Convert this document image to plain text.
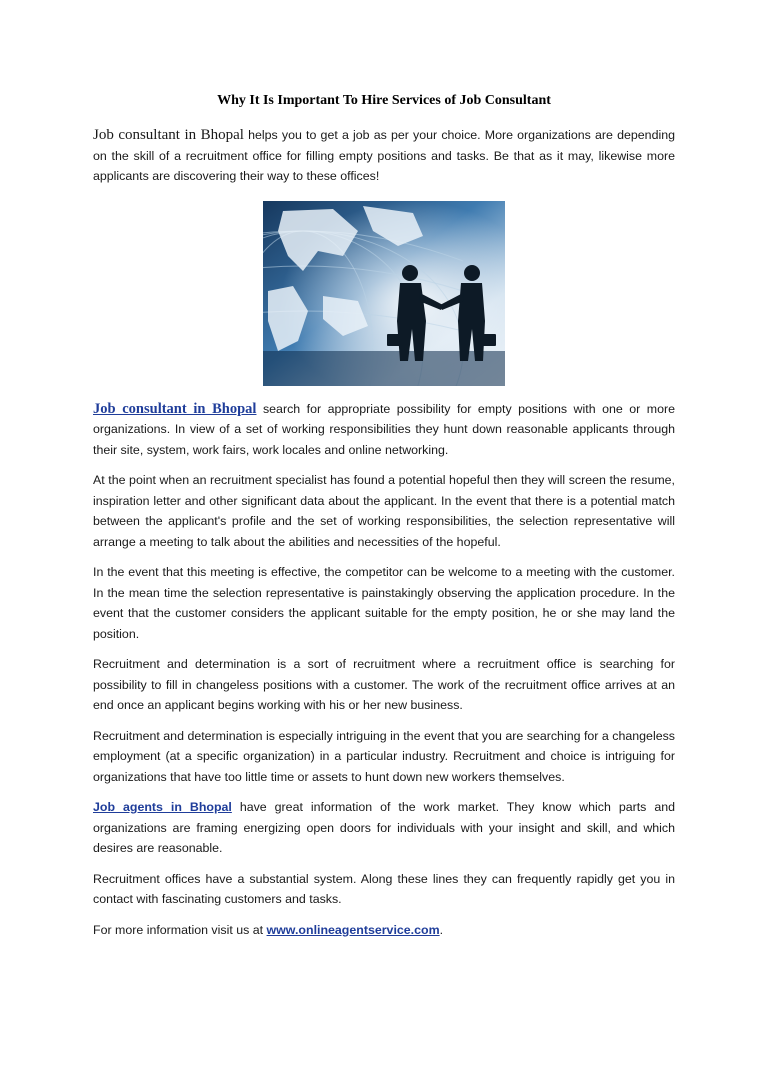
Why It Is Important To Hire Services of Job Consultant

Job consultant in Bhopal helps you to get a job as per your choice. More organizations are depending on the skill of a recruitment office for filling empty positions and tasks. Be that as it may, likewise more applicants are discovering their way to these offices!

Job consultant in Bhopal search for appropriate possibility for empty positions with one or more organizations. In view of a set of working responsibilities they hunt down reasonable applicants through their site, system, work fairs, work locales and online networking.

At the point when an recruitment specialist has found a potential hopeful then they will screen the resume, inspiration letter and other significant data about the applicant. In the event that there is a potential match between the applicant's profile and the set of working responsibilities, the selection representative will arrange a meeting to talk about the abilities and necessities of the hopeful.

In the event that this meeting is effective, the competitor can be welcome to a meeting with the customer. In the mean time the selection representative is painstakingly observing the application procedure. In the event that the customer considers the applicant suitable for the empty position, he or she may land the position.

Recruitment and determination is a sort of recruitment where a recruitment office is searching for possibility to fill in changeless positions with a customer. The work of the recruitment office arrives at an end once an applicant begins working with his or her new business.

Recruitment and determination is especially intriguing in the event that you are searching for a changeless employment (at a specific organization) in a particular industry. Recruitment and choice is intriguing for organizations that have too little time or assets to hunt down new workers themselves.

Job agents in Bhopal have great information of the work market. They know which parts and organizations are framing energizing open doors for individuals with your insight and skill, and which desires are reasonable.

Recruitment offices have a substantial system. Along these lines they can frequently rapidly get you in contact with fascinating customers and tasks.

For more information visit us at www.onlineagentservice.com.
